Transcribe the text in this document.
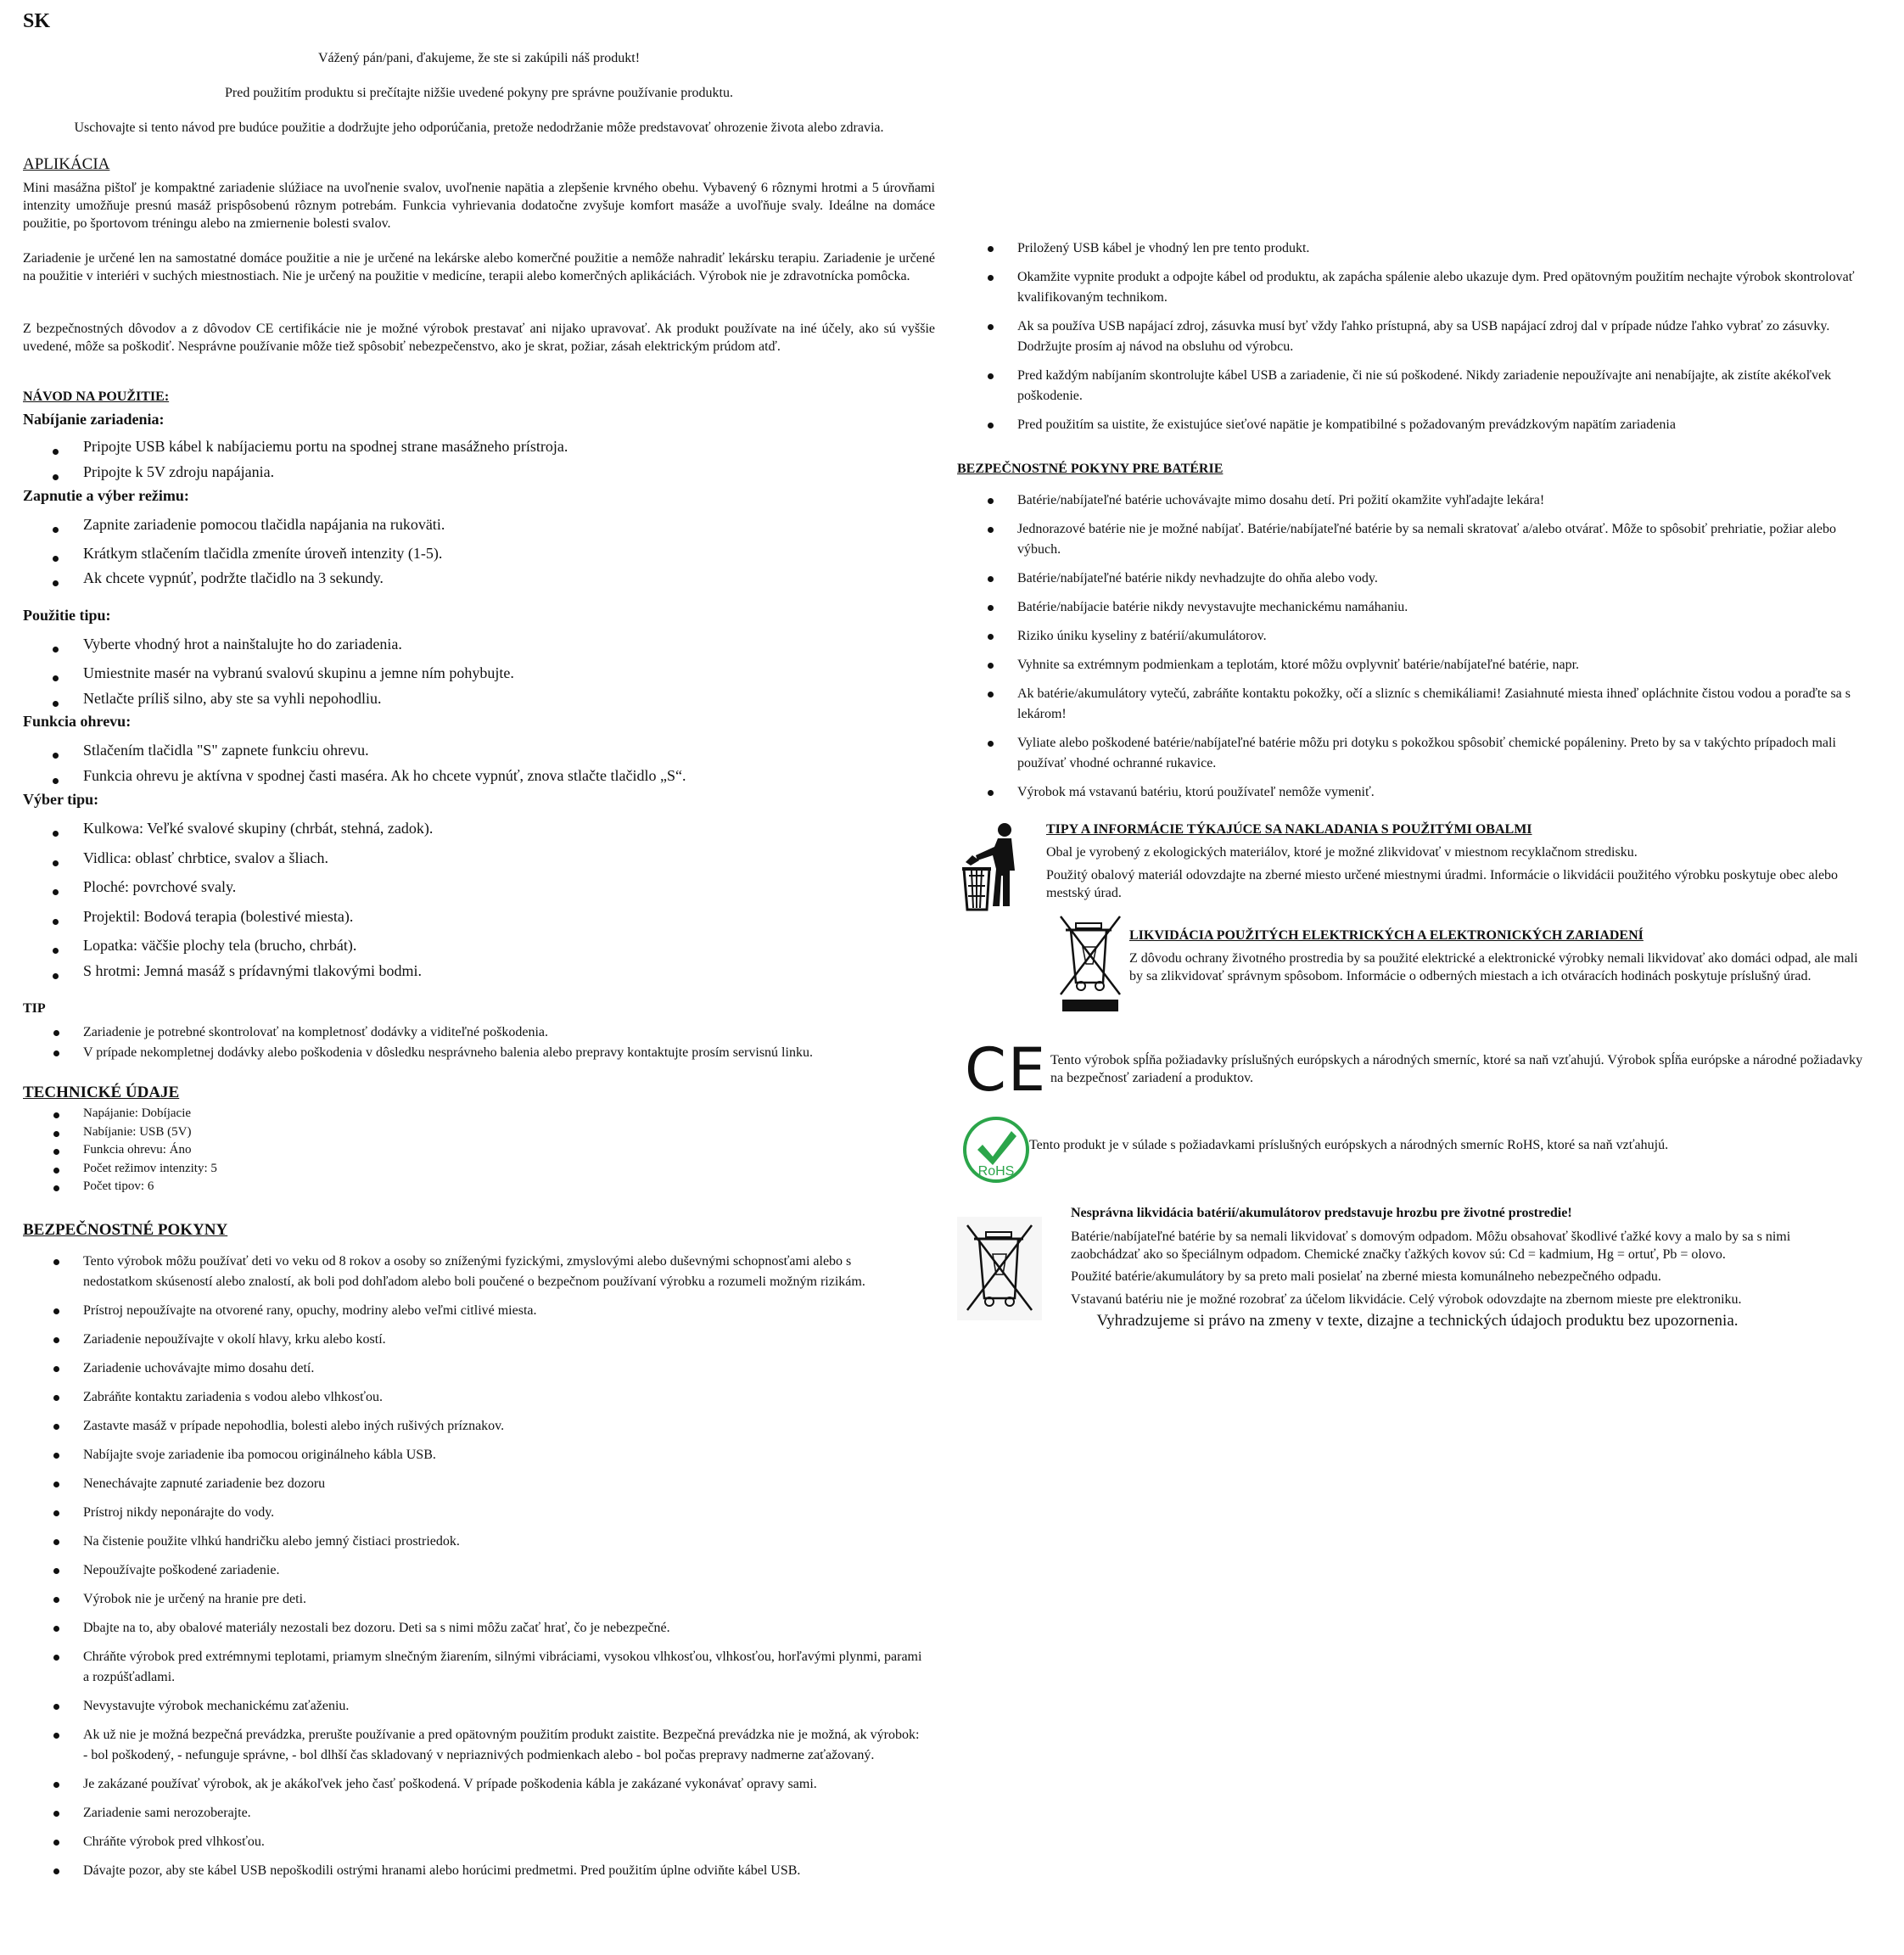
SK
Vážený pán/pani, ďakujeme, že ste si zakúpili náš produkt!
Pred použitím produktu si prečítajte nižšie uvedené pokyny pre správne používanie produktu.
Uschovajte si tento návod pre budúce použitie a dodržujte jeho odporúčania, pretože nedodržanie môže predstavovať ohrozenie života alebo zdravia.
APLIKÁCIA
Mini masážna pištoľ je kompaktné zariadenie slúžiace na uvoľnenie svalov, uvoľnenie napätia a zlepšenie krvného obehu. Vybavený 6 rôznymi hrotmi a 5 úrovňami intenzity umožňuje presnú masáž prispôsobenú rôznym potrebám. Funkcia vyhrievania dodatočne zvyšuje komfort masáže a uvoľňuje svaly. Ideálne na domáce použitie, po športovom tréningu alebo na zmiernenie bolesti svalov.
Zariadenie je určené len na samostatné domáce použitie a nie je určené na lekárske alebo komerčné použitie a nemôže nahradiť lekársku terapiu. Zariadenie je určené na použitie v interiéri v suchých miestnostiach. Nie je určený na použitie v medicíne, terapii alebo komerčných aplikáciách. Výrobok nie je zdravotnícka pomôcka.
Z bezpečnostných dôvodov a z dôvodov CE certifikácie nie je možné výrobok prestavať ani nijako upravovať. Ak produkt používate na iné účely, ako sú vyššie uvedené, môže sa poškodiť. Nesprávne používanie môže tiež spôsobiť nebezpečenstvo, ako je skrat, požiar, zásah elektrickým prúdom atď.
NÁVOD NA POUŽITIE:
Nabíjanie zariadenia:
Pripojte USB kábel k nabíjaciemu portu na spodnej strane masážneho prístroja.
Pripojte k 5V zdroju napájania.
Zapnutie a výber režimu:
Zapnite zariadenie pomocou tlačidla napájania na rukoväti.
Krátkym stlačením tlačidla zmeníte úroveň intenzity (1-5).
Ak chcete vypnúť, podržte tlačidlo na 3 sekundy.
Použitie tipu:
Vyberte vhodný hrot a nainštalujte ho do zariadenia.
Umiestnite masér na vybranú svalovú skupinu a jemne ním pohybujte.
Netlačte príliš silno, aby ste sa vyhli nepohodliu.
Funkcia ohrevu:
Stlačením tlačidla "S" zapnete funkciu ohrevu.
Funkcia ohrevu je aktívna v spodnej časti maséra. Ak ho chcete vypnúť, znova stlačte tlačidlo „S“.
Výber tipu:
Kulkowa: Veľké svalové skupiny (chrbát, stehná, zadok).
Vidlica: oblasť chrbtice, svalov a šliach.
Ploché: povrchové svaly.
Projektil: Bodová terapia (bolestivé miesta).
Lopatka: väčšie plochy tela (brucho, chrbát).
S hrotmi: Jemná masáž s prídavnými tlakovými bodmi.
TIP
Zariadenie je potrebné skontrolovať na kompletnosť dodávky a viditeľné poškodenia.
V prípade nekompletnej dodávky alebo poškodenia v dôsledku nesprávneho balenia alebo prepravy kontaktujte prosím servisnú linku.
TECHNICKÉ ÚDAJE
Napájanie: Dobíjacie
Nabíjanie: USB (5V)
Funkcia ohrevu: Áno
Počet režimov intenzity: 5
Počet tipov: 6
BEZPEČNOSTNÉ POKYNY
Tento výrobok môžu používať deti vo veku od 8 rokov a osoby so zníženými fyzickými, zmyslovými alebo duševnými schopnosťami alebo s nedostatkom skúseností alebo znalostí, ak boli pod dohľadom alebo boli poučené o bezpečnom používaní výrobku a rozumeli možným rizikám.
Prístroj nepoužívajte na otvorené rany, opuchy, modriny alebo veľmi citlivé miesta.
Zariadenie nepoužívajte v okolí hlavy, krku alebo kostí.
Zariadenie uchovávajte mimo dosahu detí.
Zabráňte kontaktu zariadenia s vodou alebo vlhkosťou.
Zastavte masáž v prípade nepohodlia, bolesti alebo iných rušivých príznakov.
Nabíjajte svoje zariadenie iba pomocou originálneho kábla USB.
Nenechávajte zapnuté zariadenie bez dozoru
Prístroj nikdy neponárajte do vody.
Na čistenie použite vlhkú handričku alebo jemný čistiaci prostriedok.
Nepoužívajte poškodené zariadenie.
Výrobok nie je určený na hranie pre deti.
Dbajte na to, aby obalové materiály nezostali bez dozoru. Deti sa s nimi môžu začať hrať, čo je nebezpečné.
Chráňte výrobok pred extrémnymi teplotami, priamym slnečným žiarením, silnými vibráciami, vysokou vlhkosťou, vlhkosťou, horľavými plynmi, parami a rozpúšťadlami.
Nevystavujte výrobok mechanickému zaťaženiu.
Ak už nie je možná bezpečná prevádzka, prerušte používanie a pred opätovným použitím produkt zaistite. Bezpečná prevádzka nie je možná, ak výrobok: - bol poškodený, - nefunguje správne, - bol dlhší čas skladovaný v nepriaznivých podmienkach alebo - bol počas prepravy nadmerne zaťažovaný.
Je zakázané používať výrobok, ak je akákoľvek jeho časť poškodená. V prípade poškodenia kábla je zakázané vykonávať opravy sami.
Zariadenie sami nerozoberajte.
Chráňte výrobok pred vlhkosťou.
Dávajte pozor, aby ste kábel USB nepoškodili ostrými hranami alebo horúcimi predmetmi. Pred použitím úplne odviňte kábel USB.
Priložený USB kábel je vhodný len pre tento produkt.
Okamžite vypnite produkt a odpojte kábel od produktu, ak zapácha spálenie alebo ukazuje dym. Pred opätovným použitím nechajte výrobok skontrolovať kvalifikovaným technikom.
Ak sa používa USB napájací zdroj, zásuvka musí byť vždy ľahko prístupná, aby sa USB napájací zdroj dal v prípade núdze ľahko vybrať zo zásuvky. Dodržujte prosím aj návod na obsluhu od výrobcu.
Pred každým nabíjaním skontrolujte kábel USB a zariadenie, či nie sú poškodené. Nikdy zariadenie nepoužívajte ani nenabíjajte, ak zistíte akékoľvek poškodenie.
Pred použitím sa uistite, že existujúce sieťové napätie je kompatibilné s požadovaným prevádzkovým napätím zariadenia
BEZPEČNOSTNÉ POKYNY PRE BATÉRIE
Batérie/nabíjateľné batérie uchovávajte mimo dosahu detí. Pri požití okamžite vyhľadajte lekára!
Jednorazové batérie nie je možné nabíjať. Batérie/nabíjateľné batérie by sa nemali skratovať a/alebo otvárať. Môže to spôsobiť prehriatie, požiar alebo výbuch.
Batérie/nabíjateľné batérie nikdy nevhadzujte do ohňa alebo vody.
Batérie/nabíjacie batérie nikdy nevystavujte mechanickému namáhaniu.
Riziko úniku kyseliny z batérií/akumulátorov.
Vyhnite sa extrémnym podmienkam a teplotám, ktoré môžu ovplyvniť batérie/nabíjateľné batérie, napr.
Ak batérie/akumulátory vytečú, zabráňte kontaktu pokožky, očí a slizníc s chemikáliami! Zasiahnuté miesta ihneď opláchnite čistou vodou a poraďte sa s lekárom!
Vyliate alebo poškodené batérie/nabíjateľné batérie môžu pri dotyku s pokožkou spôsobiť chemické popáleniny. Preto by sa v takýchto prípadoch mali používať vhodné ochranné rukavice.
Výrobok má vstavanú batériu, ktorú používateľ nemôže vymeniť.
TIPY A INFORMÁCIE TÝKAJÚCE SA NAKLADANIA S POUŽITÝMI OBALMI
Obal je vyrobený z ekologických materiálov, ktoré je možné zlikvidovať v miestnom recyklačnom stredisku.
Použitý obalový materiál odovzdajte na zberné miesto určené miestnymi úradmi. Informácie o likvidácii použitého výrobku poskytuje obec alebo mestský úrad.
LIKVIDÁCIA POUŽITÝCH ELEKTRICKÝCH A ELEKTRONICKÝCH ZARIADENÍ
Z dôvodu ochrany životného prostredia by sa použité elektrické a elektronické výrobky nemali likvidovať ako domáci odpad, ale mali by sa zlikvidovať správnym spôsobom. Informácie o odberných miestach a ich otváracích hodinách poskytuje príslušný úrad.
CE Tento výrobok spĺňa požiadavky príslušných európskych a národných smerníc, ktoré sa naň vzťahujú. Výrobok spĺňa európske a národné požiadavky na bezpečnosť zariadení a produktov.
RoHS
Tento produkt je v súlade s požiadavkami príslušných európskych a národných smerníc RoHS, ktoré sa naň vzťahujú.
Nesprávna likvidácia batérií/akumulátorov predstavuje hrozbu pre životné prostredie!
Batérie/nabíjateľné batérie by sa nemali likvidovať s domovým odpadom. Môžu obsahovať škodlivé ťažké kovy a malo by sa s nimi zaobchádzať ako so špeciálnym odpadom. Chemické značky ťažkých kovov sú: Cd = kadmium, Hg = ortuť, Pb = olovo.
Použité batérie/akumulátory by sa preto mali posielať na zberné miesta komunálneho nebezpečného odpadu.
Vstavanú batériu nie je možné rozobrať za účelom likvidácie. Celý výrobok odovzdajte na zbernom mieste pre elektroniku.
Vyhradzujeme si právo na zmeny v texte, dizajne a technických údajoch produktu bez upozornenia.
